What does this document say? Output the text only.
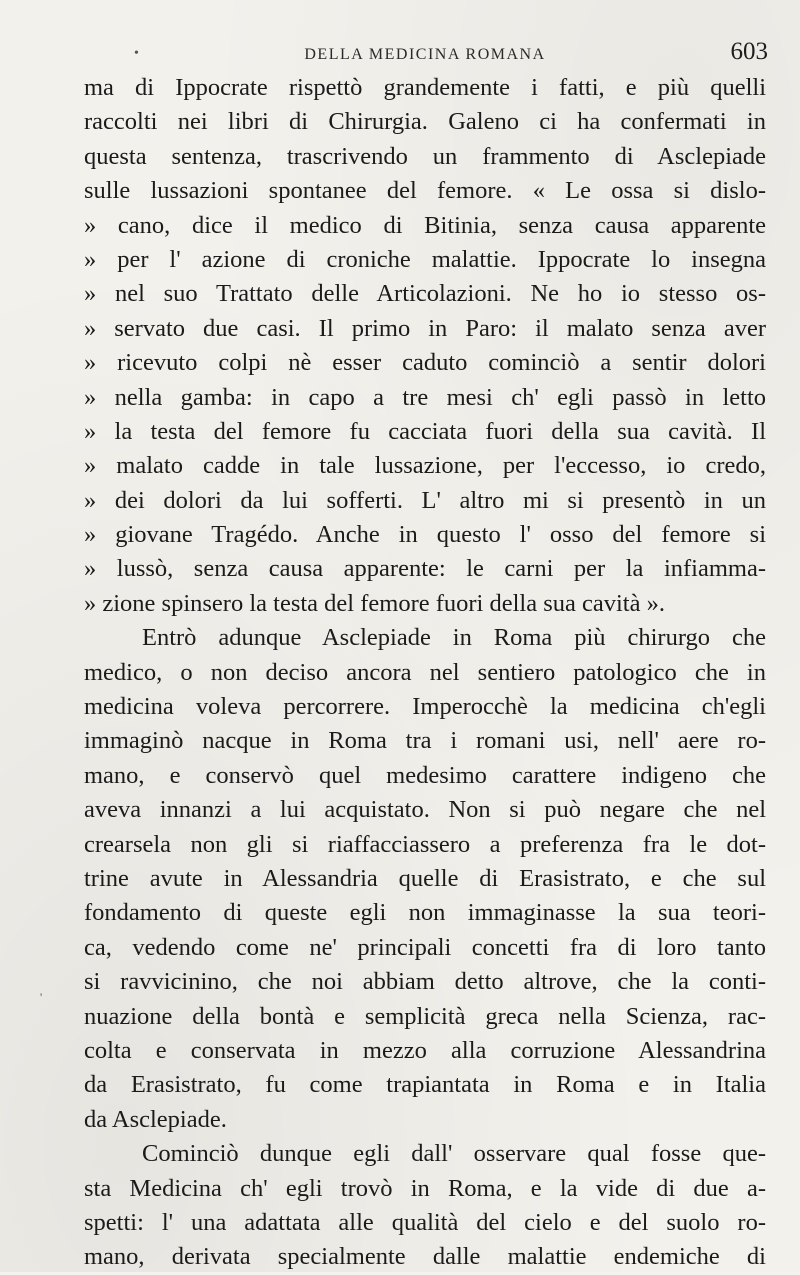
DELLA MEDICINA ROMANA	603
ma di Ippocrate rispettò grandemente i fatti, e più quelli
raccolti nei libri di Chirurgia. Galeno ci ha confermati in
questa sentenza, trascrivendo un frammento di Asclepiade
sulle lussazioni spontanee del femore. « Le ossa si dislo-
» cano, dice il medico di Bitinia, senza causa apparente
» per l' azione di croniche malattie. Ippocrate lo insegna
» nel suo Trattato delle Articolazioni. Ne ho io stesso os-
» servato due casi. Il primo in Paro: il malato senza aver
» ricevuto colpi nè esser caduto cominciò a sentir dolori
» nella gamba: in capo a tre mesi ch' egli passò in letto
» la testa del femore fu cacciata fuori della sua cavità. Il
» malato cadde in tale lussazione, per l'eccesso, io credo,
» dei dolori da lui sofferti. L' altro mi si presentò in un
» giovane Tragédo. Anche in questo l' osso del femore si
» lussò, senza causa apparente: le carni per la infiamma-
» zione spinsero la testa del femore fuori della sua cavità ».
Entrò adunque Asclepiade in Roma più chirurgo che
medico, o non deciso ancora nel sentiero patologico che in
medicina voleva percorrere. Imperocchè la medicina ch'egli
immaginò nacque in Roma tra i romani usi, nell' aere ro-
mano, e conservò quel medesimo carattere indigeno che
aveva innanzi a lui acquistato. Non si può negare che nel
crearsela non gli si riaffacciassero a preferenza fra le dot-
trine avute in Alessandria quelle di Erasistrato, e che sul
fondamento di queste egli non immaginasse la sua teori-
ca, vedendo come ne' principali concetti fra di loro tanto
si ravvicinino, che noi abbiam detto altrove, che la conti-
nuazione della bontà e semplicità greca nella Scienza, rac-
colta e conservata in mezzo alla corruzione Alessandrina
da Erasistrato, fu come trapiantata in Roma e in Italia
da Asclepiade.
Cominciò dunque egli dall' osservare qual fosse que-
sta Medicina ch' egli trovò in Roma, e la vide di due a-
spetti: l' una adattata alle qualità del cielo e del suolo ro-
mano, derivata specialmente dalle malattie endemiche di
•
'
